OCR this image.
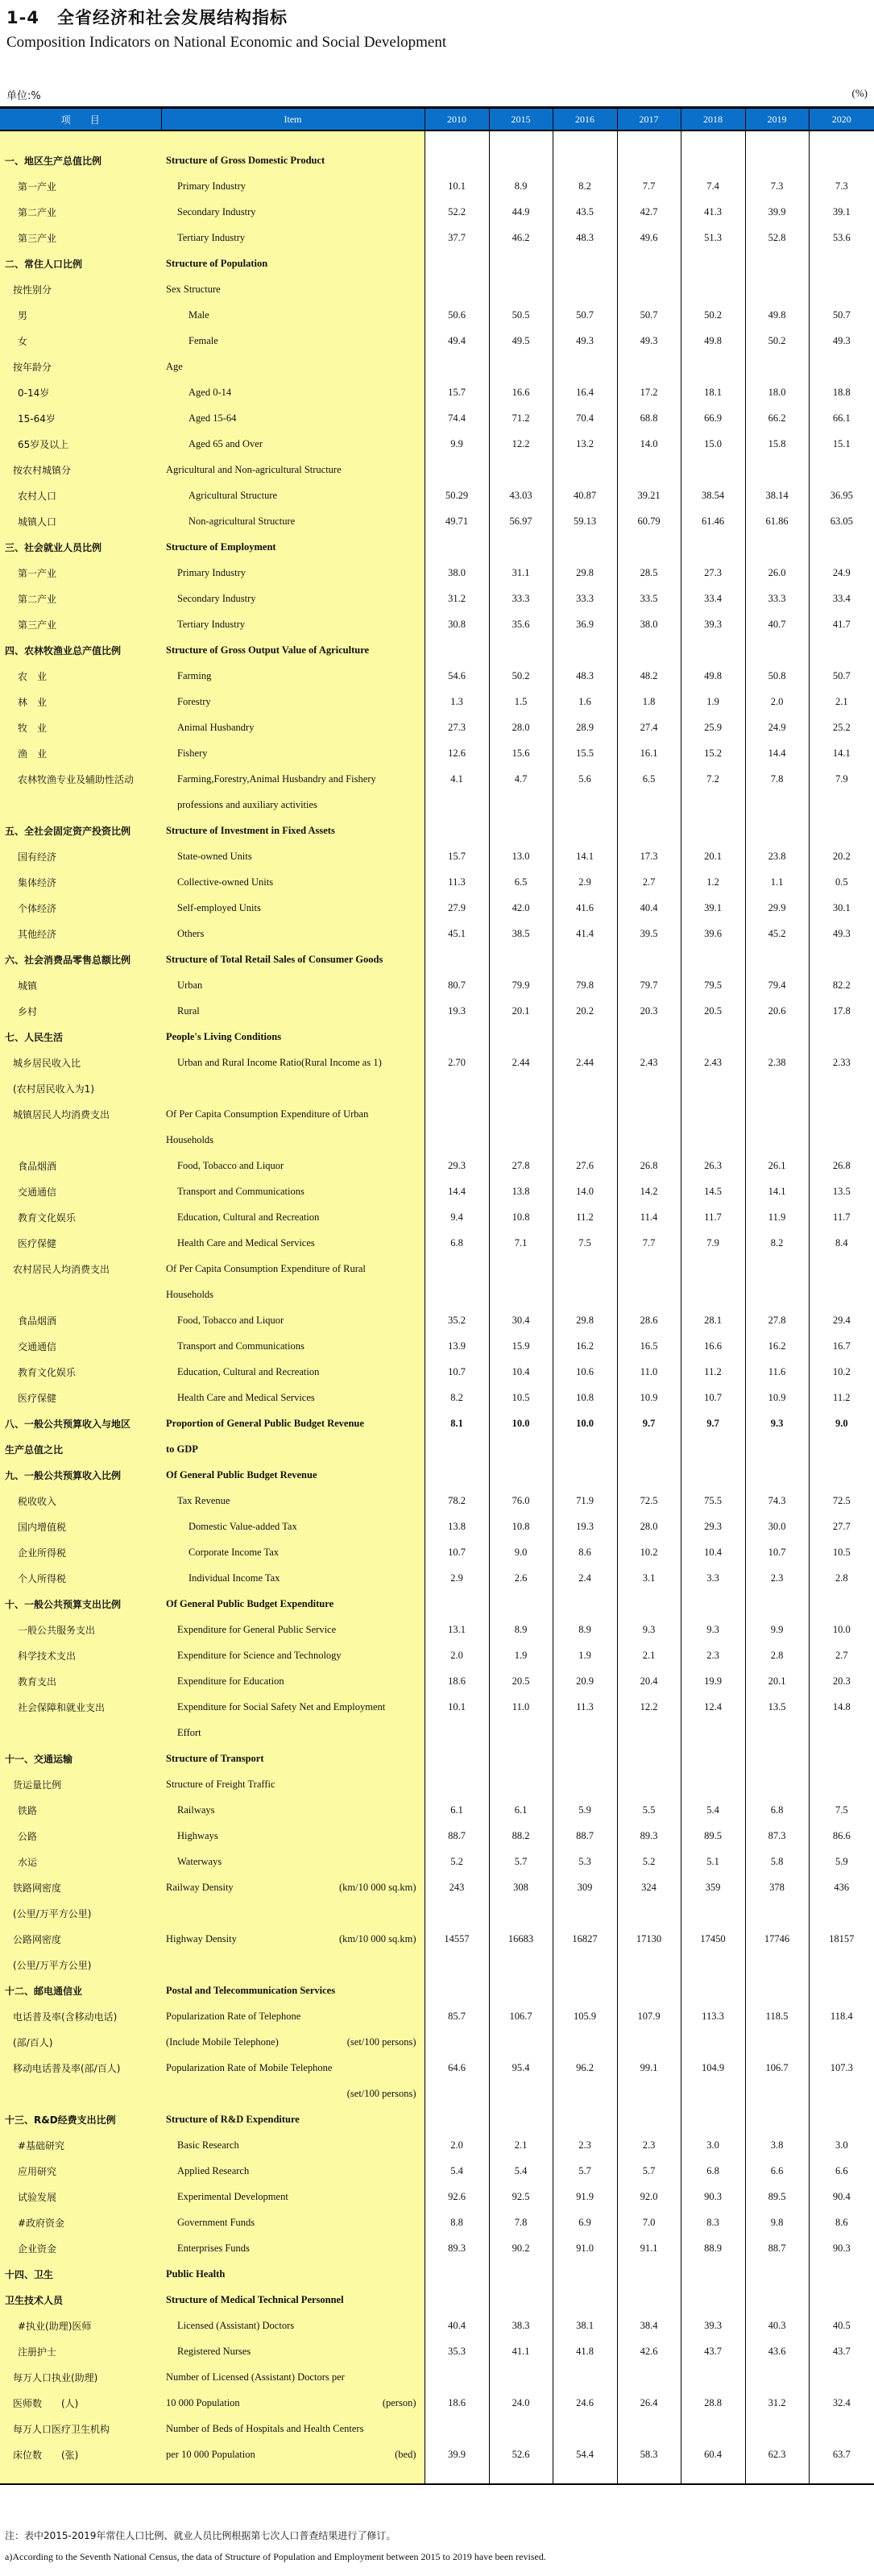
1-4　全省经济和社会发展结构指标
Composition Indicators on National Economic and Social Development
单位:%	(%)
项　　目	Item	2010	2015	2016	2017	2018	2019	2020

一、地区生产总值比例	Structure of Gross Domestic Product							
第一产业	Primary Industry	10.1	8.9	8.2	7.7	7.4	7.3	7.3
第二产业	Secondary Industry	52.2	44.9	43.5	42.7	41.3	39.9	39.1
第三产业	Tertiary Industry	37.7	46.2	48.3	49.6	51.3	52.8	53.6
二、常住人口比例	Structure of Population							
按性别分	Sex Structure							
男	Male	50.6	50.5	50.7	50.7	50.2	49.8	50.7
女	Female	49.4	49.5	49.3	49.3	49.8	50.2	49.3
按年龄分	Age							
0-14岁	Aged 0-14	15.7	16.6	16.4	17.2	18.1	18.0	18.8
15-64岁	Aged 15-64	74.4	71.2	70.4	68.8	66.9	66.2	66.1
65岁及以上	Aged 65 and Over	9.9	12.2	13.2	14.0	15.0	15.8	15.1
按农村城镇分	Agricultural and Non-agricultural Structure							
农村人口	Agricultural Structure	50.29	43.03	40.87	39.21	38.54	38.14	36.95
城镇人口	Non-agricultural Structure	49.71	56.97	59.13	60.79	61.46	61.86	63.05
三、社会就业人员比例	Structure of Employment							
第一产业	Primary Industry	38.0	31.1	29.8	28.5	27.3	26.0	24.9
第二产业	Secondary Industry	31.2	33.3	33.3	33.5	33.4	33.3	33.4
第三产业	Tertiary Industry	30.8	35.6	36.9	38.0	39.3	40.7	41.7
四、农林牧渔业总产值比例	Structure of Gross Output Value of Agriculture							
农　业	Farming	54.6	50.2	48.3	48.2	49.8	50.8	50.7
林　业	Forestry	1.3	1.5	1.6	1.8	1.9	2.0	2.1
牧　业	Animal Husbandry	27.3	28.0	28.9	27.4	25.9	24.9	25.2
渔　业	Fishery	12.6	15.6	15.5	16.1	15.2	14.4	14.1
农林牧渔专业及辅助性活动	Farming,Forestry,Animal Husbandry and Fishery	4.1	4.7	5.6	6.5	7.2	7.8	7.9
	professions and auxiliary activities							
五、全社会固定资产投资比例	Structure of Investment in Fixed Assets							
国有经济	State-owned Units	15.7	13.0	14.1	17.3	20.1	23.8	20.2
集体经济	Collective-owned Units	11.3	6.5	2.9	2.7	1.2	1.1	0.5
个体经济	Self-employed Units	27.9	42.0	41.6	40.4	39.1	29.9	30.1
其他经济	Others	45.1	38.5	41.4	39.5	39.6	45.2	49.3
六、社会消费品零售总额比例	Structure of Total Retail Sales of Consumer Goods							
城镇	Urban	80.7	79.9	79.8	79.7	79.5	79.4	82.2
乡村	Rural	19.3	20.1	20.2	20.3	20.5	20.6	17.8
七、人民生活	People's Living Conditions							
城乡居民收入比	Urban and Rural Income Ratio(Rural Income as 1)	2.70	2.44	2.44	2.43	2.43	2.38	2.33
(农村居民收入为1)								
城镇居民人均消费支出	Of Per Capita Consumption Expenditure of Urban							
	Households							
食品烟酒	Food, Tobacco and Liquor	29.3	27.8	27.6	26.8	26.3	26.1	26.8
交通通信	Transport and Communications	14.4	13.8	14.0	14.2	14.5	14.1	13.5
教育文化娱乐	Education, Cultural and Recreation	9.4	10.8	11.2	11.4	11.7	11.9	11.7
医疗保健	Health Care and Medical Services	6.8	7.1	7.5	7.7	7.9	8.2	8.4
农村居民人均消费支出	Of Per Capita Consumption Expenditure of Rural							
	Households							
食品烟酒	Food, Tobacco and Liquor	35.2	30.4	29.8	28.6	28.1	27.8	29.4
交通通信	Transport and Communications	13.9	15.9	16.2	16.5	16.6	16.2	16.7
教育文化娱乐	Education, Cultural and Recreation	10.7	10.4	10.6	11.0	11.2	11.6	10.2
医疗保健	Health Care and Medical Services	8.2	10.5	10.8	10.9	10.7	10.9	11.2
八、一般公共预算收入与地区	Proportion of General Public Budget Revenue	8.1	10.0	10.0	9.7	9.7	9.3	9.0
生产总值之比	to GDP							
九、一般公共预算收入比例	Of General Public Budget Revenue							
税收收入	Tax Revenue	78.2	76.0	71.9	72.5	75.5	74.3	72.5
国内增值税	Domestic Value-added Tax	13.8	10.8	19.3	28.0	29.3	30.0	27.7
企业所得税	Corporate Income Tax	10.7	9.0	8.6	10.2	10.4	10.7	10.5
个人所得税	Individual Income Tax	2.9	2.6	2.4	3.1	3.3	2.3	2.8
十、一般公共预算支出比例	Of General Public Budget Expenditure							
一般公共服务支出	Expenditure for General Public Service	13.1	8.9	8.9	9.3	9.3	9.9	10.0
科学技术支出	Expenditure for Science and Technology	2.0	1.9	1.9	2.1	2.3	2.8	2.7
教育支出	Expenditure for Education	18.6	20.5	20.9	20.4	19.9	20.1	20.3
社会保障和就业支出	Expenditure for Social Safety Net and Employment	10.1	11.0	11.3	12.2	12.4	13.5	14.8
	Effort							
十一、交通运输	Structure of Transport							
货运量比例	Structure of Freight Traffic							
铁路	Railways	6.1	6.1	5.9	5.5	5.4	6.8	7.5
公路	Highways	88.7	88.2	88.7	89.3	89.5	87.3	86.6
水运	Waterways	5.2	5.7	5.3	5.2	5.1	5.8	5.9
铁路网密度	Railway Density (km/10 000 sq.km)	243	308	309	324	359	378	436
(公里/万平方公里)								
公路网密度	Highway Density (km/10 000 sq.km)	14557	16683	16827	17130	17450	17746	18157
(公里/万平方公里)								
十二、邮电通信业	Postal and Telecommunication Services							
电话普及率(含移动电话)	Popularization Rate of Telephone	85.7	106.7	105.9	107.9	113.3	118.5	118.4
(部/百人)	(Include Mobile Telephone) (set/100 persons)							

移动电话普及率(部/百人)	Popularization Rate of Mobile Telephone	64.6	95.4	96.2	99.1	104.9	106.7	107.3

	(set/100 persons)							

十三、R&D经费支出比例	Structure of R&D Expenditure							
#基础研究	Basic Research	2.0	2.1	2.3	2.3	3.0	3.8	3.0
应用研究	Applied Research	5.4	5.4	5.7	5.7	6.8	6.6	6.6
试验发展	Experimental Development	92.6	92.5	91.9	92.0	90.3	89.5	90.4
#政府资金	Government Funds	8.8	7.8	6.9	7.0	8.3	9.8	8.6
企业资金	Enterprises Funds	89.3	90.2	91.0	91.1	88.9	88.7	90.3
十四、卫生	Public Health							
卫生技术人员	Structure of Medical Technical Personnel							
#执业(助理)医师	Licensed (Assistant) Doctors	40.4	38.3	38.1	38.4	39.3	40.3	40.5
注册护士	Registered Nurses	35.3	41.1	41.8	42.6	43.7	43.6	43.7
每万人口执业(助理)	Number of Licensed (Assistant) Doctors per							
医师数　　(人)	10 000 Population (person)	18.6	24.0	24.6	26.4	28.8	31.2	32.4
每万人口医疗卫生机构	Number of Beds of Hospitals and Health Centers							
床位数　　(张)	per 10 000 Population (bed)	39.9	52.6	54.4	58.3	60.4	62.3	63.7

注：表中2015-2019年常住人口比例、就业人员比例根据第七次人口普查结果进行了修订。
a)According to the Seventh National Census, the data of Structure of Population and Employment between 2015 to 2019 have been revised.
